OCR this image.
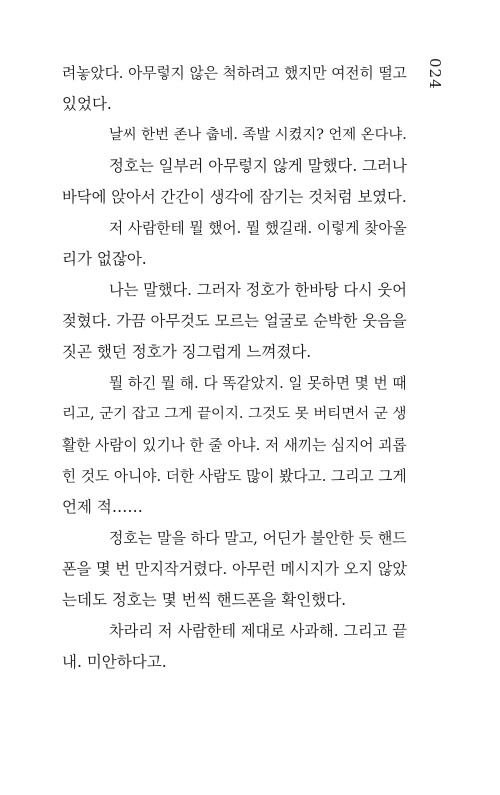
024
려놓았다. 아무렇지 않은 척하려고 했지만 여전히 떨고
있었다.
날씨 한번 존나 춥네. 족발 시켰지? 언제 온다냐.
정호는 일부러 아무렇지 않게 말했다. 그러나
바닥에 앉아서 간간이 생각에 잠기는 것처럼 보였다.
저 사람한테 뭘 했어. 뭘 했길래. 이렇게 찾아올
리가 없잖아.
나는 말했다. 그러자 정호가 한바탕 다시 웃어
젖혔다. 가끔 아무것도 모르는 얼굴로 순박한 웃음을
짓곤 했던 정호가 징그럽게 느껴졌다.
뭘 하긴 뭘 해. 다 똑같았지. 일 못하면 몇 번 때
리고, 군기 잡고 그게 끝이지. 그것도 못 버티면서 군 생
활한 사람이 있기나 한 줄 아냐. 저 새끼는 심지어 괴롭
힌 것도 아니야. 더한 사람도 많이 봤다고. 그리고 그게
언제 적……
정호는 말을 하다 말고, 어딘가 불안한 듯 핸드
폰을 몇 번 만지작거렸다. 아무런 메시지가 오지 않았
는데도 정호는 몇 번씩 핸드폰을 확인했다.
차라리 저 사람한테 제대로 사과해. 그리고 끝
내. 미안하다고.
